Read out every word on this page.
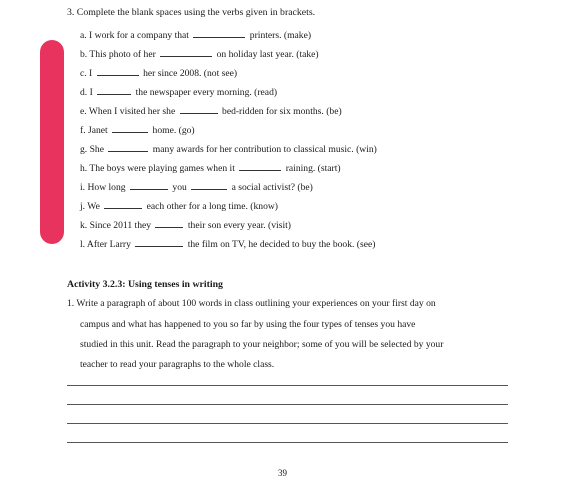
3. Complete the blank spaces using the verbs given in brackets.
a. I work for a company that	printers. (make)
b. This photo of her	on holiday last year. (take)
c. I	her since 2008. (not see)
d. I	the newspaper every morning. (read)
e. When I visited her she	bed-ridden for six months. (be)
f. Janet	home. (go)
g. She	many awards for her contribution to classical music. (win)
h. The boys were playing games when it	raining. (start)
i. How long	you	a social activist? (be)
j. We	each other for a long time. (know)
k. Since 2011 they	their son every year. (visit)
l. After Larry	the film on TV, he decided to buy the book. (see)
Activity 3.2.3: Using tenses in writing
1. Write a paragraph of about 100 words in class outlining your experiences on your first day on
campus and what has happened to you so far by using the four types of tenses you have
studied in this unit. Read the paragraph to your neighbor; some of you will be selected by your
teacher to read your paragraphs to the whole class.
39
